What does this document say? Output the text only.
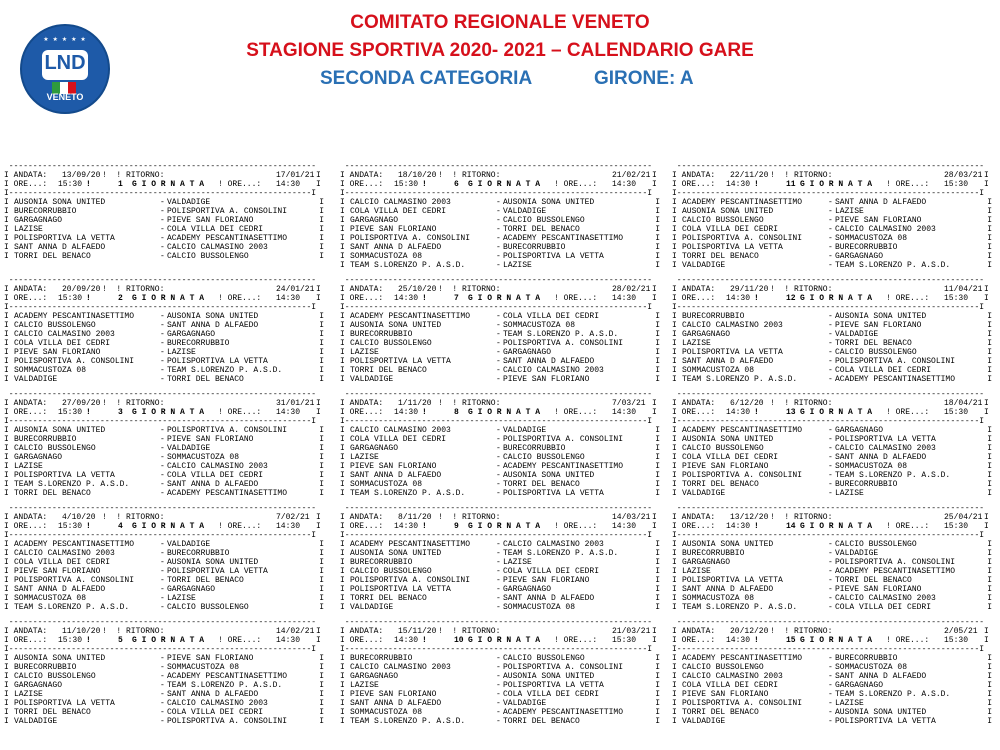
★ ★ ★ ★ ★
LND
VENETO
COMITATO REGIONALE VENETO
STAGIONE SPORTIVA 2020- 2021 – CALENDARIO GARE
SECONDA CATEGORIA	GIRONE: A
----------------------------------------------------------------
I ANDATA: 13/09/20 !  ! RITORNO:	17/01/21 I
I ORE...: 15:30 ! 1 G I O R N A T A ! ORE...: 14:30 I
I---------------------------------------------------------------I
I AUSONIA SONA UNITED	- VALDADIGE	I
I BURECORRUBBIO	- POLISPORTIVA A. CONSOLINI	I
I GARGAGNAGO	- PIEVE SAN FLORIANO	I
I LAZISE	- COLA VILLA DEI CEDRI	I
I POLISPORTIVA LA VETTA	- ACADEMY PESCANTINASETTIMO	I
I SANT ANNA D ALFAEDO	- CALCIO CALMASINO 2003	I
I TORRI DEL BENACO	- CALCIO BUSSOLENGO	I
----------------------------------------------------------------
I ANDATA: 20/09/20 !  ! RITORNO:	24/01/21 I
I ORE...: 15:30 ! 2 G I O R N A T A ! ORE...: 14:30 I
I---------------------------------------------------------------I
I ACADEMY PESCANTINASETTIMO	- AUSONIA SONA UNITED	I
I CALCIO BUSSOLENGO	- SANT ANNA D ALFAEDO	I
I CALCIO CALMASINO 2003	- GARGAGNAGO	I
I COLA VILLA DEI CEDRI	- BURECORRUBBIO	I
I PIEVE SAN FLORIANO	- LAZISE	I
I POLISPORTIVA A. CONSOLINI	- POLISPORTIVA LA VETTA	I
I SOMMACUSTOZA 08	- TEAM S.LORENZO P. A.S.D.	I
I VALDADIGE	- TORRI DEL BENACO	I
----------------------------------------------------------------
I ANDATA: 27/09/20 !  ! RITORNO:	31/01/21 I
I ORE...: 15:30 ! 3 G I O R N A T A ! ORE...: 14:30 I
I---------------------------------------------------------------I
I AUSONIA SONA UNITED	- POLISPORTIVA A. CONSOLINI	I
I BURECORRUBBIO	- PIEVE SAN FLORIANO	I
I CALCIO BUSSOLENGO	- VALDADIGE	I
I GARGAGNAGO	- SOMMACUSTOZA 08	I
I LAZISE	- CALCIO CALMASINO 2003	I
I POLISPORTIVA LA VETTA	- COLA VILLA DEI CEDRI	I
I TEAM S.LORENZO P. A.S.D.	- SANT ANNA D ALFAEDO	I
I TORRI DEL BENACO	- ACADEMY PESCANTINASETTIMO	I
----------------------------------------------------------------
I ANDATA: 4/10/20 !  ! RITORNO:	7/02/21 I
I ORE...: 15:30 ! 4 G I O R N A T A ! ORE...: 14:30 I
I---------------------------------------------------------------I
I ACADEMY PESCANTINASETTIMO	- VALDADIGE	I
I CALCIO CALMASINO 2003	- BURECORRUBBIO	I
I COLA VILLA DEI CEDRI	- AUSONIA SONA UNITED	I
I PIEVE SAN FLORIANO	- POLISPORTIVA LA VETTA	I
I POLISPORTIVA A. CONSOLINI	- TORRI DEL BENACO	I
I SANT ANNA D ALFAEDO	- GARGAGNAGO	I
I SOMMACUSTOZA 08	- LAZISE	I
I TEAM S.LORENZO P. A.S.D.	- CALCIO BUSSOLENGO	I
----------------------------------------------------------------
I ANDATA: 11/10/20 !  ! RITORNO:	14/02/21 I
I ORE...: 15:30 ! 5 G I O R N A T A ! ORE...: 14:30 I
I---------------------------------------------------------------I
I AUSONIA SONA UNITED	- PIEVE SAN FLORIANO	I
I BURECORRUBBIO	- SOMMACUSTOZA 08	I
I CALCIO BUSSOLENGO	- ACADEMY PESCANTINASETTIMO	I
I GARGAGNAGO	- TEAM S.LORENZO P. A.S.D.	I
I LAZISE	- SANT ANNA D ALFAEDO	I
I POLISPORTIVA LA VETTA	- CALCIO CALMASINO 2003	I
I TORRI DEL BENACO	- COLA VILLA DEI CEDRI	I
I VALDADIGE	- POLISPORTIVA A. CONSOLINI	I
----------------------------------------------------------------
I ANDATA: 18/10/20 !  ! RITORNO:	21/02/21 I
I ORE...: 15:30 ! 6 G I O R N A T A ! ORE...: 14:30 I
I---------------------------------------------------------------I
I CALCIO CALMASINO 2003	- AUSONIA SONA UNITED	I
I COLA VILLA DEI CEDRI	- VALDADIGE	I
I GARGAGNAGO	- CALCIO BUSSOLENGO	I
I PIEVE SAN FLORIANO	- TORRI DEL BENACO	I
I POLISPORTIVA A. CONSOLINI	- ACADEMY PESCANTINASETTIMO	I
I SANT ANNA D ALFAEDO	- BURECORRUBBIO	I
I SOMMACUSTOZA 08	- POLISPORTIVA LA VETTA	I
I TEAM S.LORENZO P. A.S.D.	- LAZISE	I
----------------------------------------------------------------
I ANDATA: 25/10/20 !  ! RITORNO:	28/02/21 I
I ORE...: 14:30 ! 7 G I O R N A T A ! ORE...: 14:30 I
I---------------------------------------------------------------I
I ACADEMY PESCANTINASETTIMO	- COLA VILLA DEI CEDRI	I
I AUSONIA SONA UNITED	- SOMMACUSTOZA 08	I
I BURECORRUBBIO	- TEAM S.LORENZO P. A.S.D.	I
I CALCIO BUSSOLENGO	- POLISPORTIVA A. CONSOLINI	I
I LAZISE	- GARGAGNAGO	I
I POLISPORTIVA LA VETTA	- SANT ANNA D ALFAEDO	I
I TORRI DEL BENACO	- CALCIO CALMASINO 2003	I
I VALDADIGE	- PIEVE SAN FLORIANO	I
----------------------------------------------------------------
I ANDATA: 1/11/20 !  ! RITORNO:	7/03/21 I
I ORE...: 14:30 ! 8 G I O R N A T A ! ORE...: 14:30 I
I---------------------------------------------------------------I
I CALCIO CALMASINO 2003	- VALDADIGE	I
I COLA VILLA DEI CEDRI	- POLISPORTIVA A. CONSOLINI	I
I GARGAGNAGO	- BURECORRUBBIO	I
I LAZISE	- CALCIO BUSSOLENGO	I
I PIEVE SAN FLORIANO	- ACADEMY PESCANTINASETTIMO	I
I SANT ANNA D ALFAEDO	- AUSONIA SONA UNITED	I
I SOMMACUSTOZA 08	- TORRI DEL BENACO	I
I TEAM S.LORENZO P. A.S.D.	- POLISPORTIVA LA VETTA	I
----------------------------------------------------------------
I ANDATA: 8/11/20 !  ! RITORNO:	14/03/21 I
I ORE...: 14:30 ! 9 G I O R N A T A ! ORE...: 14:30 I
I---------------------------------------------------------------I
I ACADEMY PESCANTINASETTIMO	- CALCIO CALMASINO 2003	I
I AUSONIA SONA UNITED	- TEAM S.LORENZO P. A.S.D.	I
I BURECORRUBBIO	- LAZISE	I
I CALCIO BUSSOLENGO	- COLA VILLA DEI CEDRI	I
I POLISPORTIVA A. CONSOLINI	- PIEVE SAN FLORIANO	I
I POLISPORTIVA LA VETTA	- GARGAGNAGO	I
I TORRI DEL BENACO	- SANT ANNA D ALFAEDO	I
I VALDADIGE	- SOMMACUSTOZA 08	I
----------------------------------------------------------------
I ANDATA: 15/11/20 !  ! RITORNO:	21/03/21 I
I ORE...: 14:30 ! 10 G I O R N A T A ! ORE...: 15:30 I
I---------------------------------------------------------------I
I BURECORRUBBIO	- CALCIO BUSSOLENGO	I
I CALCIO CALMASINO 2003	- POLISPORTIVA A. CONSOLINI	I
I GARGAGNAGO	- AUSONIA SONA UNITED	I
I LAZISE	- POLISPORTIVA LA VETTA	I
I PIEVE SAN FLORIANO	- COLA VILLA DEI CEDRI	I
I SANT ANNA D ALFAEDO	- VALDADIGE	I
I SOMMACUSTOZA 08	- ACADEMY PESCANTINASETTIMO	I
I TEAM S.LORENZO P. A.S.D.	- TORRI DEL BENACO	I
----------------------------------------------------------------
I ANDATA: 22/11/20 !  ! RITORNO:	28/03/21 I
I ORE...: 14:30 ! 11 G I O R N A T A ! ORE...: 15:30 I
I---------------------------------------------------------------I
I ACADEMY PESCANTINASETTIMO	- SANT ANNA D ALFAEDO	I
I AUSONIA SONA UNITED	- LAZISE	I
I CALCIO BUSSOLENGO	- PIEVE SAN FLORIANO	I
I COLA VILLA DEI CEDRI	- CALCIO CALMASINO 2003	I
I POLISPORTIVA A. CONSOLINI	- SOMMACUSTOZA 08	I
I POLISPORTIVA LA VETTA	- BURECORRUBBIO	I
I TORRI DEL BENACO	- GARGAGNAGO	I
I VALDADIGE	- TEAM S.LORENZO P. A.S.D.	I
----------------------------------------------------------------
I ANDATA: 29/11/20 !  ! RITORNO:	11/04/21 I
I ORE...: 14:30 ! 12 G I O R N A T A ! ORE...: 15:30 I
I---------------------------------------------------------------I
I BURECORRUBBIO	- AUSONIA SONA UNITED	I
I CALCIO CALMASINO 2003	- PIEVE SAN FLORIANO	I
I GARGAGNAGO	- VALDADIGE	I
I LAZISE	- TORRI DEL BENACO	I
I POLISPORTIVA LA VETTA	- CALCIO BUSSOLENGO	I
I SANT ANNA D ALFAEDO	- POLISPORTIVA A. CONSOLINI	I
I SOMMACUSTOZA 08	- COLA VILLA DEI CEDRI	I
I TEAM S.LORENZO P. A.S.D.	- ACADEMY PESCANTINASETTIMO	I
----------------------------------------------------------------
I ANDATA: 6/12/20 !  ! RITORNO:	18/04/21 I
I ORE...: 14:30 ! 13 G I O R N A T A ! ORE...: 15:30 I
I---------------------------------------------------------------I
I ACADEMY PESCANTINASETTIMO	- GARGAGNAGO	I
I AUSONIA SONA UNITED	- POLISPORTIVA LA VETTA	I
I CALCIO BUSSOLENGO	- CALCIO CALMASINO 2003	I
I COLA VILLA DEI CEDRI	- SANT ANNA D ALFAEDO	I
I PIEVE SAN FLORIANO	- SOMMACUSTOZA 08	I
I POLISPORTIVA A. CONSOLINI	- TEAM S.LORENZO P. A.S.D.	I
I TORRI DEL BENACO	- BURECORRUBBIO	I
I VALDADIGE	- LAZISE	I
----------------------------------------------------------------
I ANDATA: 13/12/20 !  ! RITORNO:	25/04/21 I
I ORE...: 14:30 ! 14 G I O R N A T A ! ORE...: 15:30 I
I---------------------------------------------------------------I
I AUSONIA SONA UNITED	- CALCIO BUSSOLENGO	I
I BURECORRUBBIO	- VALDADIGE	I
I GARGAGNAGO	- POLISPORTIVA A. CONSOLINI	I
I LAZISE	- ACADEMY PESCANTINASETTIMO	I
I POLISPORTIVA LA VETTA	- TORRI DEL BENACO	I
I SANT ANNA D ALFAEDO	- PIEVE SAN FLORIANO	I
I SOMMACUSTOZA 08	- CALCIO CALMASINO 2003	I
I TEAM S.LORENZO P. A.S.D.	- COLA VILLA DEI CEDRI	I
----------------------------------------------------------------
I ANDATA: 20/12/20 !  ! RITORNO:	2/05/21 I
I ORE...: 14:30 ! 15 G I O R N A T A ! ORE...: 15:30 I
I---------------------------------------------------------------I
I ACADEMY PESCANTINASETTIMO	- BURECORRUBBIO	I
I CALCIO BUSSOLENGO	- SOMMACUSTOZA 08	I
I CALCIO CALMASINO 2003	- SANT ANNA D ALFAEDO	I
I COLA VILLA DEI CEDRI	- GARGAGNAGO	I
I PIEVE SAN FLORIANO	- TEAM S.LORENZO P. A.S.D.	I
I POLISPORTIVA A. CONSOLINI	- LAZISE	I
I TORRI DEL BENACO	- AUSONIA SONA UNITED	I
I VALDADIGE	- POLISPORTIVA LA VETTA	I
